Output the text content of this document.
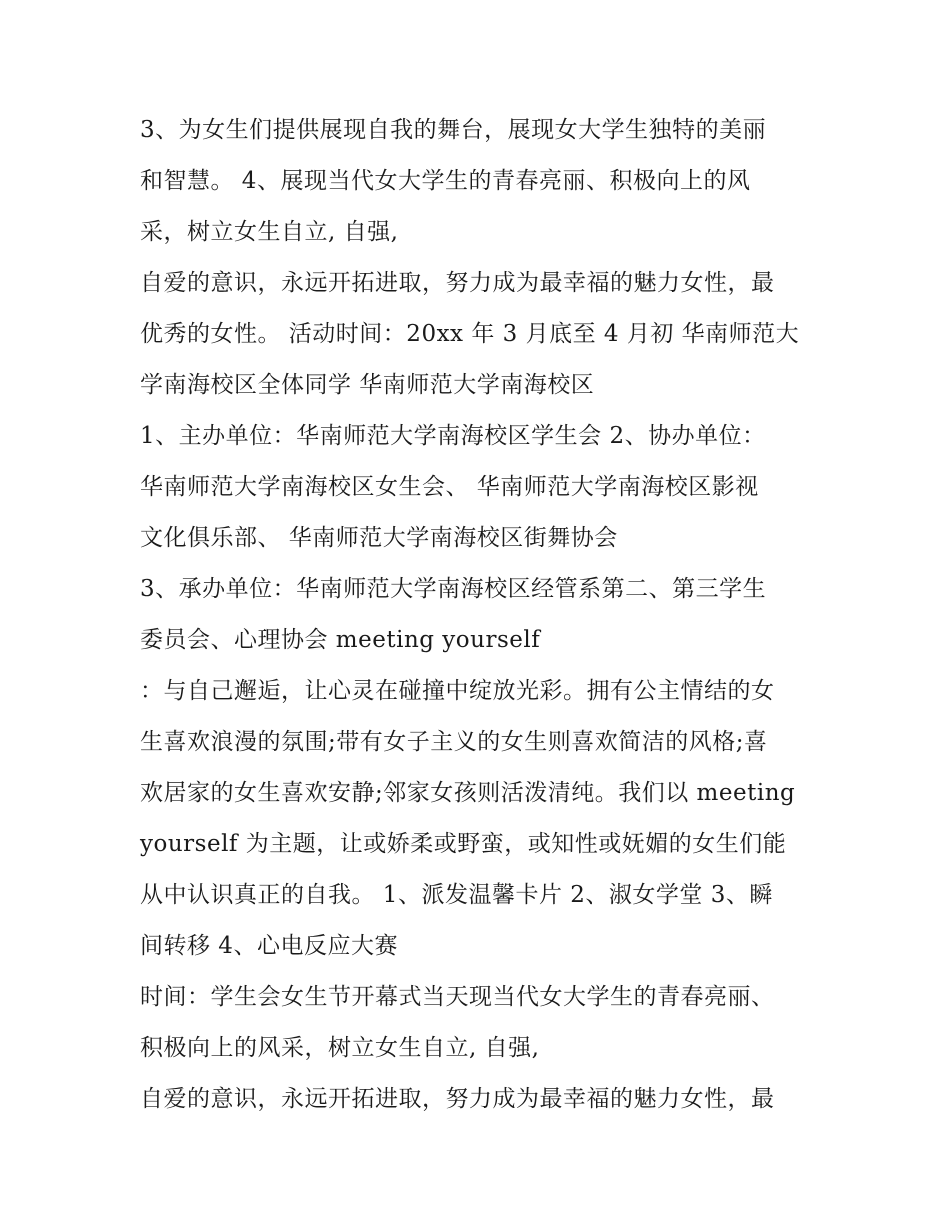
3、为女生们提供展现自我的舞台，展现女大学生独特的美丽
和智慧。 4、展现当代女大学生的青春亮丽、积极向上的风
采，树立女生自立, 自强,
自爱的意识，永远开拓进取，努力成为最幸福的魅力女性，最
优秀的女性。 活动时间：20xx 年 3 月底至 4 月初 华南师范大
学南海校区全体同学 华南师范大学南海校区
1、主办单位：华南师范大学南海校区学生会 2、协办单位：
华南师范大学南海校区女生会、 华南师范大学南海校区影视
文化俱乐部、 华南师范大学南海校区街舞协会
3、承办单位：华南师范大学南海校区经管系第二、第三学生
委员会、心理协会 meeting yourself
：与自己邂逅，让心灵在碰撞中绽放光彩。拥有公主情结的女
生喜欢浪漫的氛围;带有女子主义的女生则喜欢简洁的风格;喜
欢居家的女生喜欢安静;邻家女孩则活泼清纯。我们以 meeting
yourself 为主题，让或娇柔或野蛮，或知性或妩媚的女生们能
从中认识真正的自我。 1、派发温馨卡片 2、淑女学堂 3、瞬
间转移 4、心电反应大赛
时间：学生会女生节开幕式当天现当代女大学生的青春亮丽、
积极向上的风采，树立女生自立, 自强,
自爱的意识，永远开拓进取，努力成为最幸福的魅力女性，最
